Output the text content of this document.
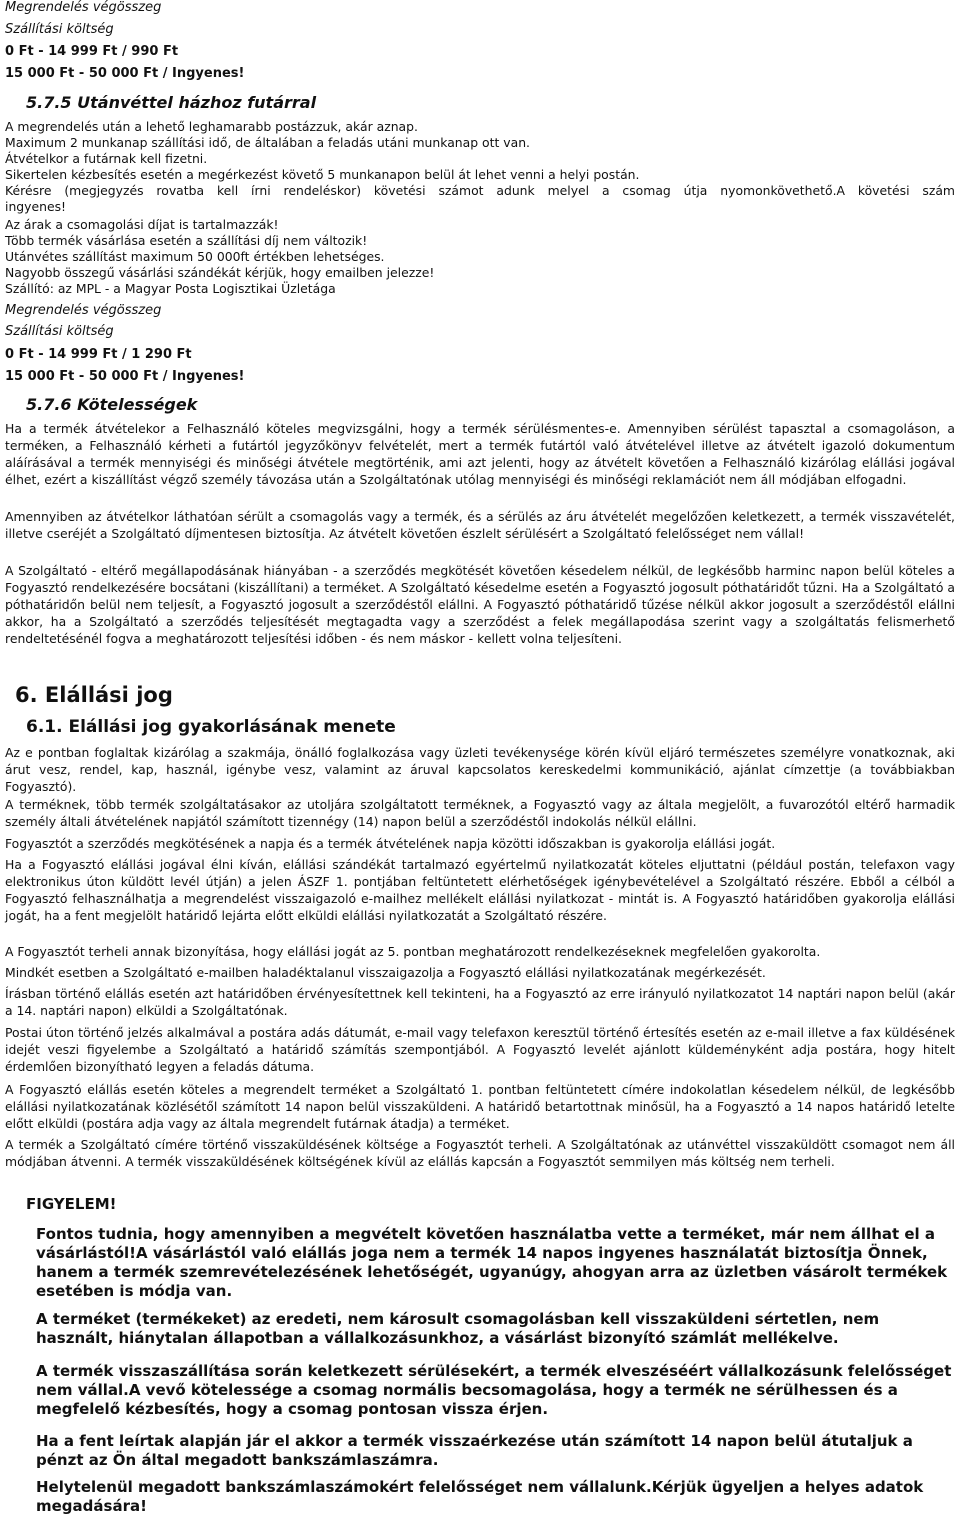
Megrendelés végösszeg

Szállítási költség

0 Ft - 14 999 Ft / 990 Ft

15 000 Ft - 50 000 Ft / Ingyenes!

5.7.5 Utánvéttel házhoz futárral

A megrendelés után a lehető leghamarabb postázzuk, akár aznap.

Maximum 2 munkanap szállítási idő, de általában a feladás utáni munkanap ott van.

Átvételkor a futárnak kell fizetni.

Sikertelen kézbesítés esetén a megérkezést követő 5 munkanapon belül át lehet venni a helyi postán.

Kérésre (megjegyzés rovatba kell írni rendeléskor) követési számot adunk melyel a csomag útja nyomonkövethető.A követési szám

ingyenes!

Az árak a csomagolási díjat is tartalmazzák!

Több termék vásárlása esetén a szállítási díj nem változik!

Utánvétes szállítást maximum 50 000ft értékben lehetséges.

Nagyobb összegű vásárlási szándékát kérjük, hogy emailben jelezze!

Szállító: az MPL - a Magyar Posta Logisztikai Üzletága

Megrendelés végösszeg

Szállítási költség

0 Ft - 14 999 Ft / 1 290 Ft

15 000 Ft - 50 000 Ft / Ingyenes!

5.7.6 Kötelességek

Ha a termék átvételekor a Felhasználó köteles megvizsgálni, hogy a termék sérülésmentes-e. Amennyiben sérülést tapasztal a csomagoláson, a terméken, a Felhasználó kérheti a futártól jegyzőkönyv felvételét, mert a termék futártól való átvételével illetve az átvételt igazoló dokumentum aláírásával a termék mennyiségi és minőségi átvétele megtörténik, ami azt jelenti, hogy az átvételt követően a Felhasználó kizárólag elállási jogával élhet, ezért a kiszállítást végző személy távozása után a Szolgáltatónak utólag mennyiségi és minőségi reklamációt nem áll módjában elfogadni.

Amennyiben az átvételkor láthatóan sérült a csomagolás vagy a termék, és a sérülés az áru átvételét megelőzően keletkezett, a termék visszavételét, illetve cseréjét a Szolgáltató díjmentesen biztosítja. Az átvételt követően észlelt sérülésért a Szolgáltató felelősséget nem vállal!

A Szolgáltató - eltérő megállapodásának hiányában - a szerződés megkötését követően késedelem nélkül, de legkésőbb harminc napon belül köteles a Fogyasztó rendelkezésére bocsátani (kiszállítani) a terméket. A Szolgáltató késedelme esetén a Fogyasztó jogosult póthatáridőt tűzni. Ha a Szolgáltató a póthatáridőn belül nem teljesít, a Fogyasztó jogosult a szerződéstől elállni. A Fogyasztó póthatáridő tűzése nélkül akkor jogosult a szerződéstől elállni akkor, ha a Szolgáltató a szerződés teljesítését megtagadta vagy a szerződést a felek megállapodása szerint vagy a szolgáltatás felismerhető rendeltetésénél fogva a meghatározott teljesítési időben - és nem máskor - kellett volna teljesíteni.

6. Elállási jog
6.1. Elállási jog gyakorlásának menete

Az e pontban foglaltak kizárólag a szakmája, önálló foglalkozása vagy üzleti tevékenysége körén kívül eljáró természetes személyre vonatkoznak, aki árut vesz, rendel, kap, használ, igénybe vesz, valamint az áruval kapcsolatos kereskedelmi kommunikáció, ajánlat címzettje (a továbbiakban Fogyasztó).

A terméknek, több termék szolgáltatásakor az utoljára szolgáltatott terméknek, a Fogyasztó vagy az általa megjelölt, a fuvarozótól eltérő harmadik személy általi átvételének napjától számított tizennégy (14) napon belül a szerződéstől indokolás nélkül elállni.

Fogyasztót a szerződés megkötésének a napja és a termék átvételének napja közötti időszakban is gyakorolja elállási jogát.

Ha a Fogyasztó elállási jogával élni kíván, elállási szándékát tartalmazó egyértelmű nyilatkozatát köteles eljuttatni (például postán, telefaxon vagy elektronikus úton küldött levél útján) a jelen ÁSZF 1. pontjában feltüntetett elérhetőségek igénybevételével a Szolgáltató részére. Ebből a célból a Fogyasztó felhasználhatja a megrendelést visszaigazoló e-mailhez mellékelt elállási nyilatkozat - mintát is. A Fogyasztó határidőben gyakorolja elállási jogát, ha a fent megjelölt határidő lejárta előtt elküldi elállási nyilatkozatát a Szolgáltató részére.

A Fogyasztót terheli annak bizonyítása, hogy elállási jogát az 5. pontban meghatározott rendelkezéseknek megfelelően gyakorolta.

Mindkét esetben a Szolgáltató e-mailben haladéktalanul visszaigazolja a Fogyasztó elállási nyilatkozatának megérkezését.

Írásban történő elállás esetén azt határidőben érvényesítettnek kell tekinteni, ha a Fogyasztó az erre irányuló nyilatkozatot 14 naptári napon belül (akár a 14. naptári napon) elküldi a Szolgáltatónak.

Postai úton történő jelzés alkalmával a postára adás dátumát, e-mail vagy telefaxon keresztül történő értesítés esetén az e-mail illetve a fax küldésének idejét veszi figyelembe a Szolgáltató a határidő számítás szempontjából. A Fogyasztó levelét ajánlott küldeményként adja postára, hogy hitelt érdemlően bizonyítható legyen a feladás dátuma.

A Fogyasztó elállás esetén köteles a megrendelt terméket a Szolgáltató 1. pontban feltüntetett címére indokolatlan késedelem nélkül, de legkésőbb elállási nyilatkozatának közlésétől számított 14 napon belül visszaküldeni. A határidő betartottnak minősül, ha a Fogyasztó a 14 napos határidő letelte előtt elküldi (postára adja vagy az általa megrendelt futárnak átadja) a terméket.

A termék a Szolgáltató címére történő visszaküldésének költsége a Fogyasztót terheli. A Szolgáltatónak az utánvéttel visszaküldött csomagot nem áll módjában átvenni. A termék visszaküldésének költségének kívül az elállás kapcsán a Fogyasztót semmilyen más költség nem terheli.

FIGYELEM!

Fontos tudnia, hogy amennyiben a megvételt követően használatba vette a terméket, már nem állhat el a vásárlástól!A vásárlástól való elállás joga nem a termék 14 napos ingyenes használatát biztosítja Önnek, hanem a termék szemrevételezésének lehetőségét, ugyanúgy, ahogyan arra az üzletben vásárolt termékek esetében is módja van.

A terméket (termékeket) az eredeti, nem károsult csomagolásban kell visszaküldeni sértetlen, nem használt, hiánytalan állapotban a vállalkozásunkhoz, a vásárlást bizonyító számlát mellékelve.

A termék visszaszállítása során keletkezett sérülésekért, a termék elveszéséért vállalkozásunk felelősséget nem vállal.A vevő kötelessége a csomag normális becsomagolása, hogy a termék ne sérülhessen és a megfelelő kézbesítés, hogy a csomag pontosan vissza érjen.

Ha a fent leírtak alapján jár el akkor a termék visszaérkezése után számított 14 napon belül átutaljuk a pénzt az Ön által megadott bankszámlaszámra.

Helytelenül megadott bankszámlaszámokért felelősséget nem vállalunk.Kérjük ügyeljen a helyes adatok megadására!
